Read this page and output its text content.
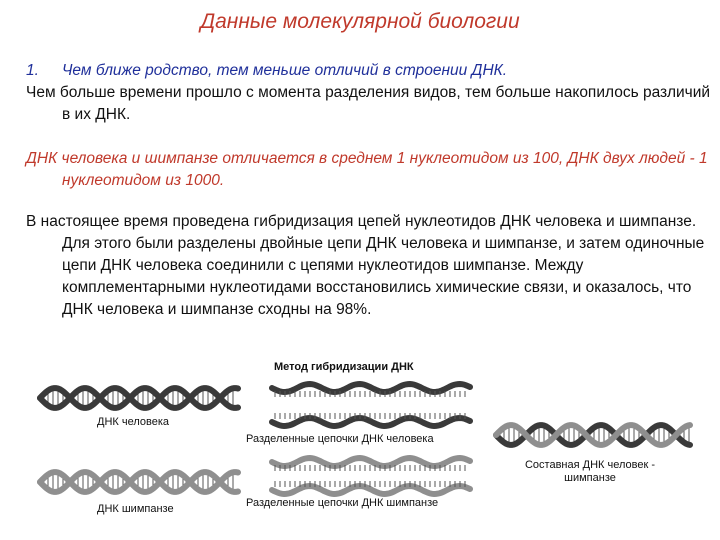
Данные молекулярной биологии
1. Чем ближе родство, тем меньше отличий в строении ДНК.
Чем больше времени прошло с момента разделения видов, тем больше накопилось различий в их ДНК.
ДНК человека и шимпанзе отличается в среднем 1 нуклеотидом из 100, ДНК двух людей - 1 нуклеотидом из 1000.
В настоящее время проведена гибридизация цепей нуклеотидов ДНК человека и шимпанзе. Для этого были разделены двойные цепи ДНК человека и шимпанзе, и затем одиночные цепи ДНК человека соединили с цепями нуклеотидов шимпанзе. Между комплементарными нуклеотидами восстановились химические связи, и оказалось, что ДНК человека и шимпанзе сходны на 98%.
Метод гибридизации ДНК
ДНК человека
Разделенные цепочки ДНК человека
ДНК шимпанзе	Разделенные цепочки ДНК шимпанзе
Составная ДНК человек -
шимпанзе
